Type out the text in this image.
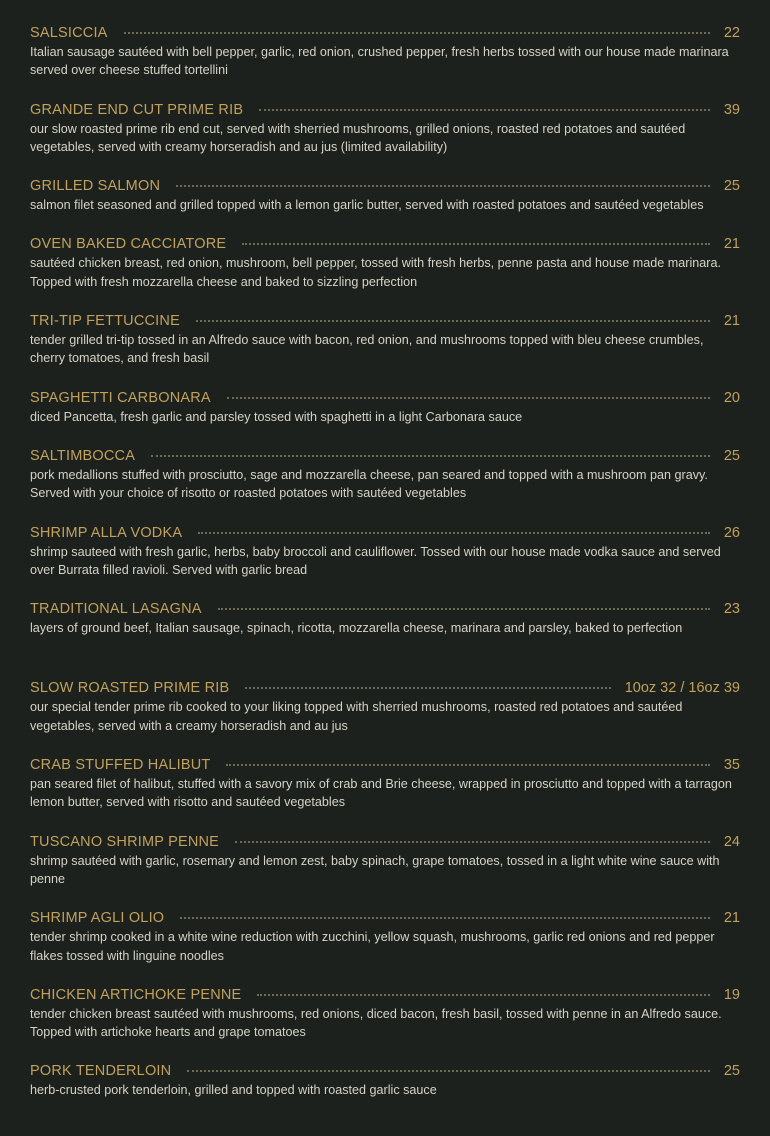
SALSICCIA	22
Italian sausage sautéed with bell pepper, garlic, red onion, crushed pepper, fresh herbs tossed with our house made marinara served over cheese stuffed tortellini
GRANDE END CUT PRIME RIB	39
our slow roasted prime rib end cut, served with sherried mushrooms, grilled onions, roasted red potatoes and sautéed vegetables, served with creamy horseradish and au jus (limited availability)
GRILLED SALMON	25
salmon filet seasoned and grilled topped with a lemon garlic butter, served with roasted potatoes and sautéed vegetables
OVEN BAKED CACCIATORE	21
sautéed chicken breast, red onion, mushroom, bell pepper, tossed with fresh herbs, penne pasta and house made marinara. Topped with fresh mozzarella cheese and baked to sizzling perfection
TRI-TIP FETTUCCINE	21
tender grilled tri-tip tossed in an Alfredo sauce with bacon, red onion, and mushrooms topped with bleu cheese crumbles, cherry tomatoes, and fresh basil
SPAGHETTI CARBONARA	20
diced Pancetta, fresh garlic and parsley tossed with spaghetti in a light Carbonara sauce
SALTIMBOCCA	25
pork medallions stuffed with prosciutto, sage and mozzarella cheese, pan seared and topped with a mushroom pan gravy. Served with your choice of risotto or roasted potatoes with sautéed vegetables
SHRIMP ALLA VODKA	26
shrimp sauteed with fresh garlic, herbs, baby broccoli and cauliflower. Tossed with our house made vodka sauce and served over Burrata filled ravioli. Served with garlic bread
TRADITIONAL LASAGNA	23
layers of ground beef, Italian sausage, spinach, ricotta, mozzarella cheese, marinara and parsley, baked to perfection
SLOW ROASTED PRIME RIB	10oz 32 / 16oz 39
our special tender prime rib cooked to your liking topped with sherried mushrooms, roasted red potatoes and sautéed vegetables, served with a creamy horseradish and au jus
CRAB STUFFED HALIBUT	35
pan seared filet of halibut, stuffed with a savory mix of crab and Brie cheese, wrapped in prosciutto and topped with a tarragon lemon butter, served with risotto and sautéed vegetables
TUSCANO SHRIMP PENNE	24
shrimp sautéed with garlic, rosemary and lemon zest, baby spinach, grape tomatoes, tossed in a light white wine sauce with penne
SHRIMP AGLI OLIO	21
tender shrimp cooked in a white wine reduction with zucchini, yellow squash, mushrooms, garlic red onions and red pepper flakes tossed with linguine noodles
CHICKEN ARTICHOKE PENNE	19
tender chicken breast sautéed with mushrooms, red onions, diced bacon, fresh basil, tossed with penne in an Alfredo sauce. Topped with artichoke hearts and grape tomatoes
PORK TENDERLOIN	25
herb-crusted pork tenderloin, grilled and topped with roasted garlic sauce
